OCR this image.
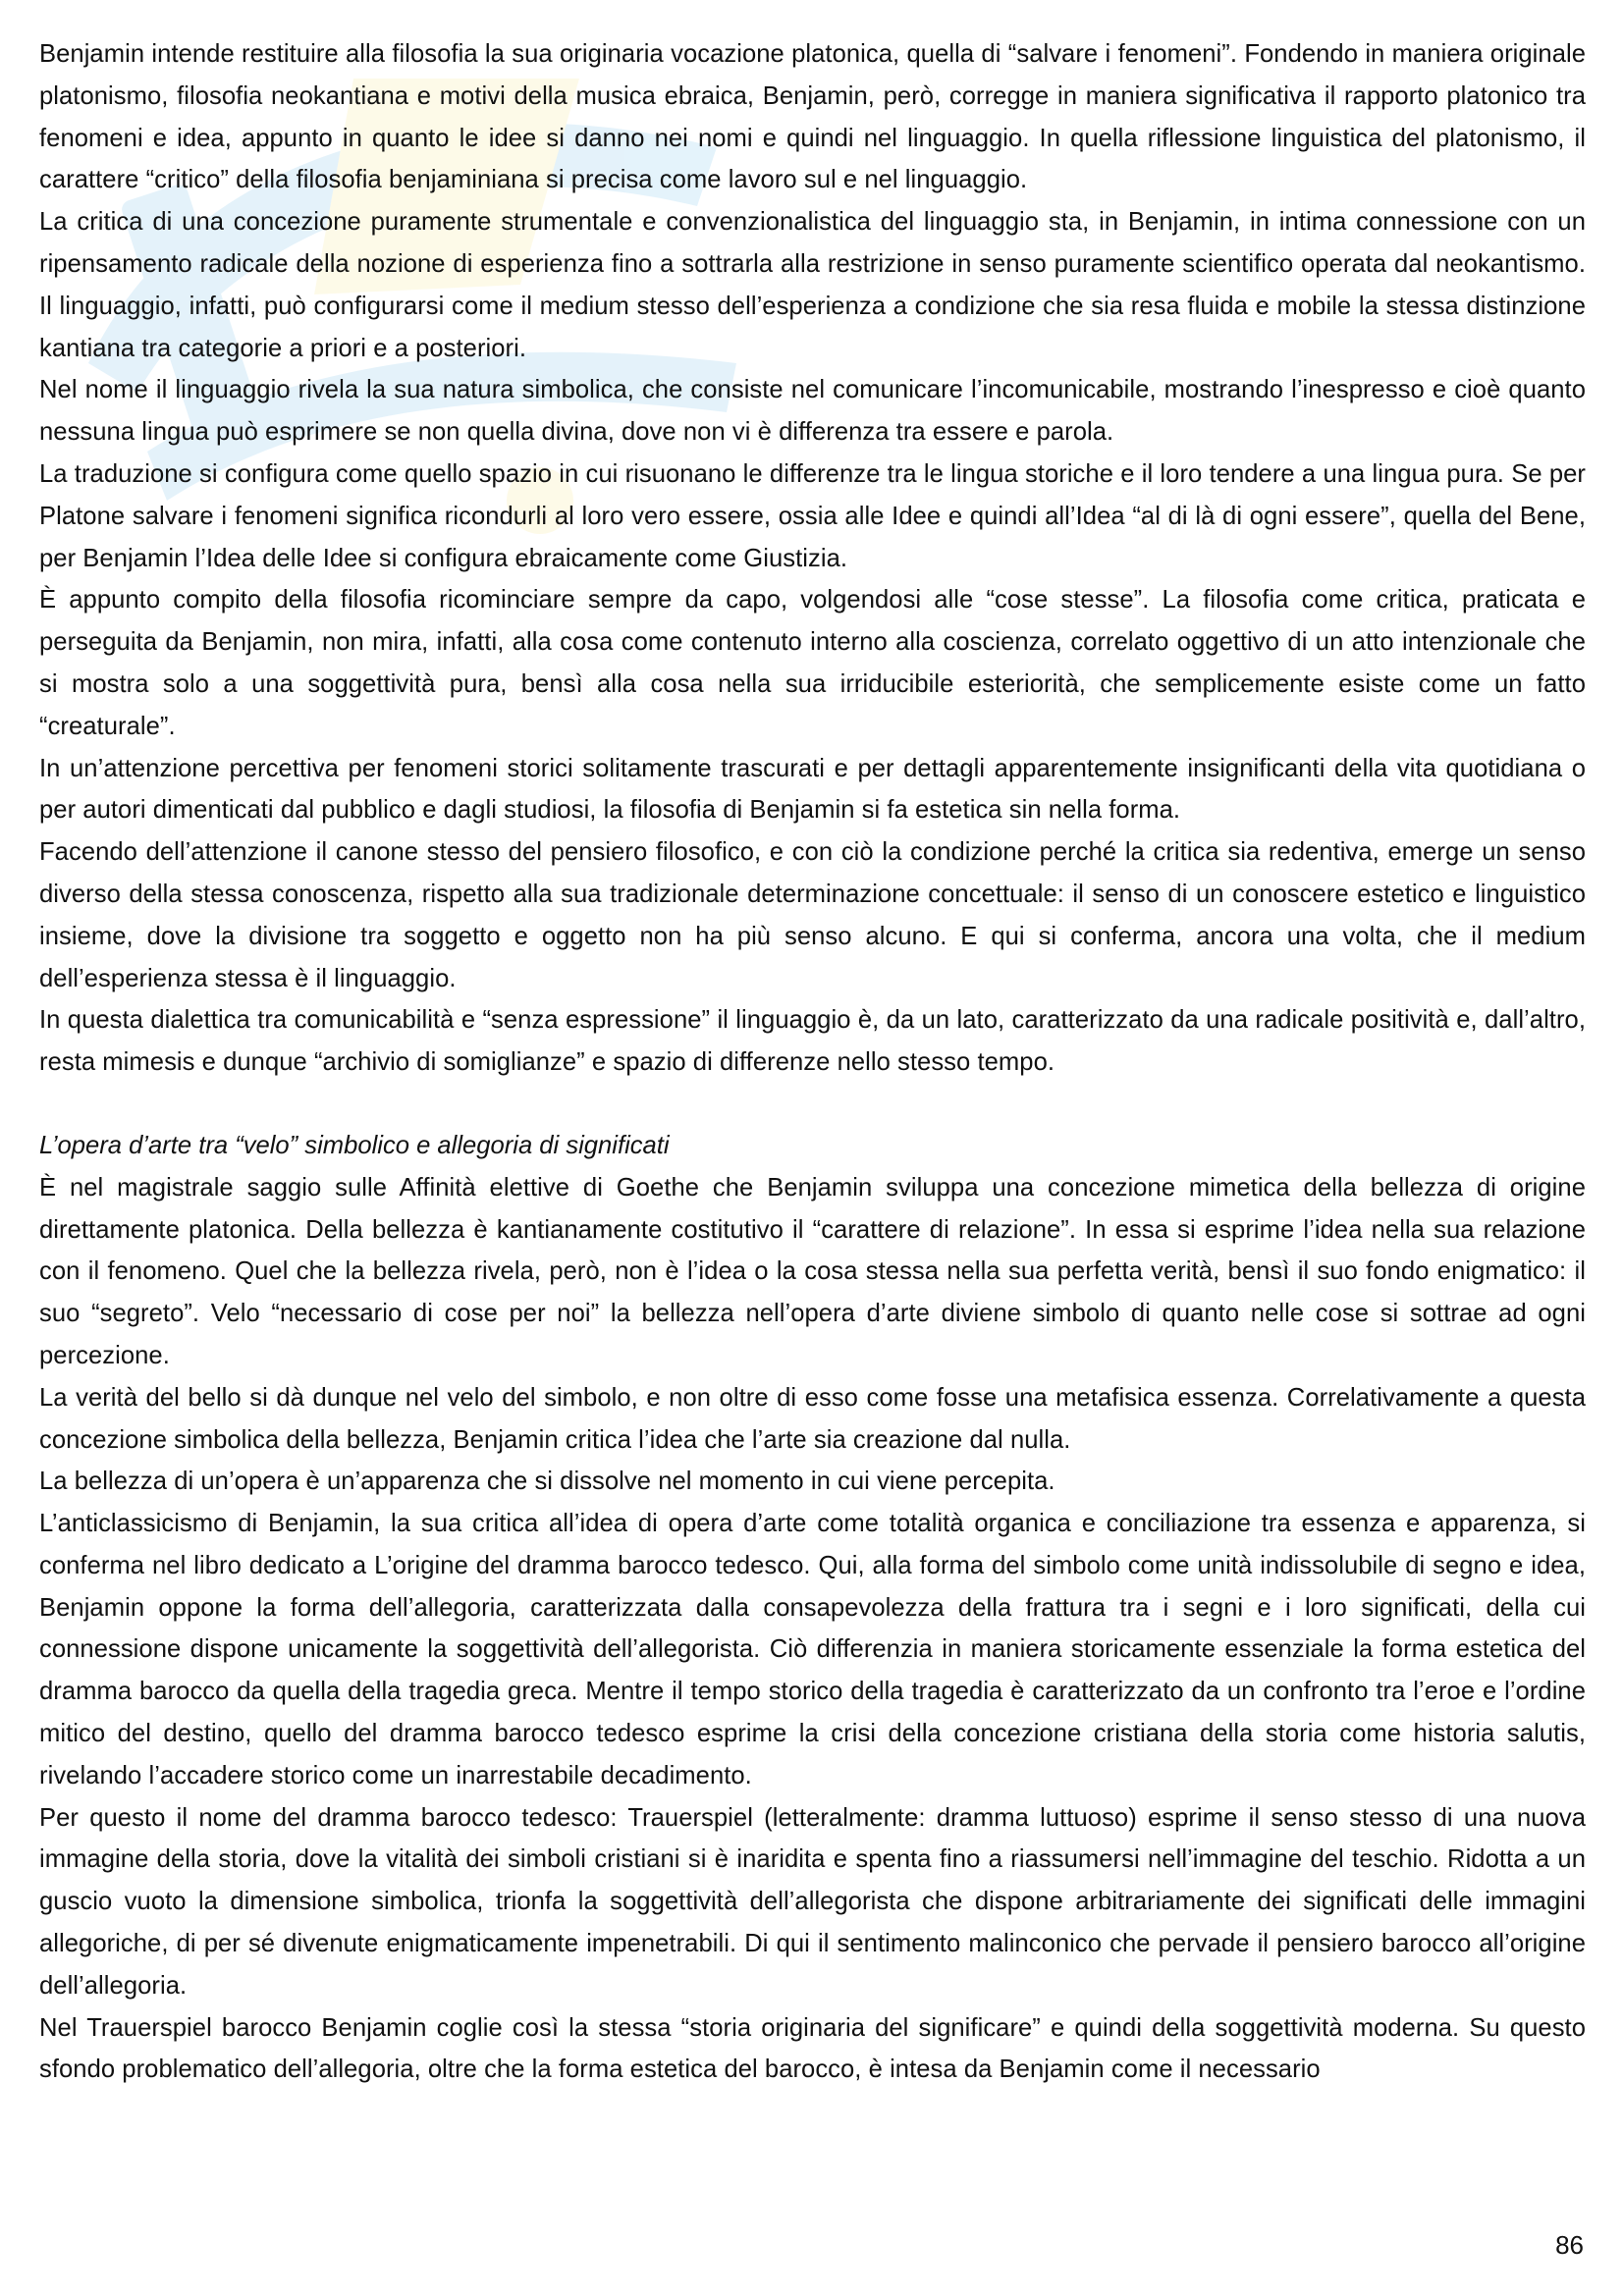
Benjamin intende restituire alla filosofia la sua originaria vocazione platonica, quella di “salvare i fenomeni”. Fondendo in maniera originale platonismo, filosofia neokantiana e motivi della musica ebraica, Benjamin, però, corregge in maniera significativa il rapporto platonico tra fenomeni e idea, appunto in quanto le idee si danno nei nomi e quindi nel linguaggio. In quella riflessione linguistica del platonismo, il carattere “critico” della filosofia benjaminiana si precisa come lavoro sul e nel linguaggio.

La critica di una concezione puramente strumentale e convenzionalistica del linguaggio sta, in Benjamin, in intima connessione con un ripensamento radicale della nozione di esperienza fino a sottrarla alla restrizione in senso puramente scientifico operata dal neokantismo. Il linguaggio, infatti, può configurarsi come il medium stesso dell’esperienza a condizione che sia resa fluida e mobile la stessa distinzione kantiana tra categorie a priori e a posteriori.

Nel nome il linguaggio rivela la sua natura simbolica, che consiste nel comunicare l’incomunicabile, mostrando l’inespresso e cioè quanto nessuna lingua può esprimere se non quella divina, dove non vi è differenza tra essere e parola.

La traduzione si configura come quello spazio in cui risuonano le differenze tra le lingua storiche e il loro tendere a una lingua pura. Se per Platone salvare i fenomeni significa ricondurli al loro vero essere, ossia alle Idee e quindi all’Idea “al di là di ogni essere”, quella del Bene, per Benjamin l’Idea delle Idee si configura ebraicamente come Giustizia.

È appunto compito della filosofia ricominciare sempre da capo, volgendosi alle “cose stesse”. La filosofia come critica, praticata e perseguita da Benjamin, non mira, infatti, alla cosa come contenuto interno alla coscienza, correlato oggettivo di un atto intenzionale che si mostra solo a una soggettività pura, bensì alla cosa nella sua irriducibile esteriorità, che semplicemente esiste come un fatto “creaturale”.

In un’attenzione percettiva per fenomeni storici solitamente trascurati e per dettagli apparentemente insignificanti della vita quotidiana o per autori dimenticati dal pubblico e dagli studiosi, la filosofia di Benjamin si fa estetica sin nella forma.

Facendo dell’attenzione il canone stesso del pensiero filosofico, e con ciò la condizione perché la critica sia redentiva, emerge un senso diverso della stessa conoscenza, rispetto alla sua tradizionale determinazione concettuale: il senso di un conoscere estetico e linguistico insieme, dove la divisione tra soggetto e oggetto non ha più senso alcuno. E qui si conferma, ancora una volta, che il medium dell’esperienza stessa è il linguaggio.

In questa dialettica tra comunicabilità e “senza espressione” il linguaggio è, da un lato, caratterizzato da una radicale positività e, dall’altro, resta mimesis e dunque “archivio di somiglianze” e spazio di differenze nello stesso tempo.

L’opera d’arte tra “velo” simbolico e allegoria di significati

È nel magistrale saggio sulle Affinità elettive di Goethe che Benjamin sviluppa una concezione mimetica della bellezza di origine direttamente platonica. Della bellezza è kantianamente costitutivo il “carattere di relazione”. In essa si esprime l’idea nella sua relazione con il fenomeno. Quel che la bellezza rivela, però, non è l’idea o la cosa stessa nella sua perfetta verità, bensì il suo fondo enigmatico: il suo “segreto”. Velo “necessario di cose per noi” la bellezza nell’opera d’arte diviene simbolo di quanto nelle cose si sottrae ad ogni percezione.

La verità del bello si dà dunque nel velo del simbolo, e non oltre di esso come fosse una metafisica essenza. Correlativamente a questa concezione simbolica della bellezza, Benjamin critica l’idea che l’arte sia creazione dal nulla.

La bellezza di un’opera è un’apparenza che si dissolve nel momento in cui viene percepita.

L’anticlassicismo di Benjamin, la sua critica all’idea di opera d’arte come totalità organica e conciliazione tra essenza e apparenza, si conferma nel libro dedicato a L’origine del dramma barocco tedesco. Qui, alla forma del simbolo come unità indissolubile di segno e idea, Benjamin oppone la forma dell’allegoria, caratterizzata dalla consapevolezza della frattura tra i segni e i loro significati, della cui connessione dispone unicamente la soggettività dell’allegorista. Ciò differenzia in maniera storicamente essenziale la forma estetica del dramma barocco da quella della tragedia greca. Mentre il tempo storico della tragedia è caratterizzato da un confronto tra l’eroe e l’ordine mitico del destino, quello del dramma barocco tedesco esprime la crisi della concezione cristiana della storia come historia salutis, rivelando l’accadere storico come un inarrestabile decadimento.

Per questo il nome del dramma barocco tedesco: Trauerspiel (letteralmente: dramma luttuoso) esprime il senso stesso di una nuova immagine della storia, dove la vitalità dei simboli cristiani si è inaridita e spenta fino a riassumersi nell’immagine del teschio. Ridotta a un guscio vuoto la dimensione simbolica, trionfa la soggettività dell’allegorista che dispone arbitrariamente dei significati delle immagini allegoriche, di per sé divenute enigmaticamente impenetrabili. Di qui il sentimento malinconico che pervade il pensiero barocco all’origine dell’allegoria.

Nel Trauerspiel barocco Benjamin coglie così la stessa “storia originaria del significare” e quindi della soggettività moderna. Su questo sfondo problematico dell’allegoria, oltre che la forma estetica del barocco, è intesa da Benjamin come il necessario

86
